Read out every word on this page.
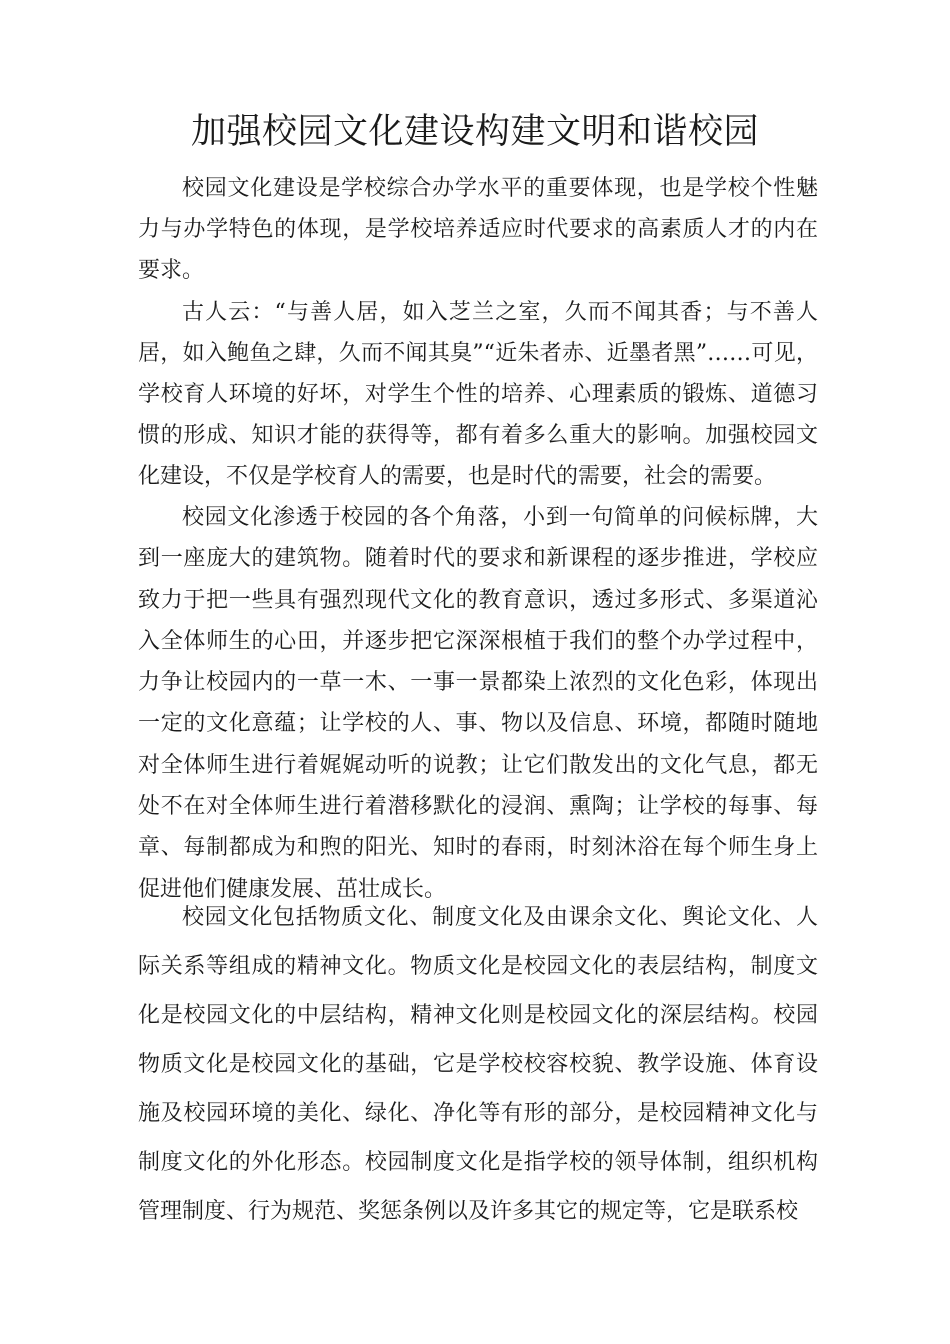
加强校园文化建设构建文明和谐校园

校园文化建设是学校综合办学水平的重要体现，也是学校个性魅力与办学特色的体现，是学校培养适应时代要求的高素质人才的内在要求。

古人云：“与善人居，如入芝兰之室，久而不闻其香；与不善人居，如入鲍鱼之肆，久而不闻其臭”“近朱者赤、近墨者黑”……可见，学校育人环境的好坏，对学生个性的培养、心理素质的锻炼、道德习惯的形成、知识才能的获得等，都有着多么重大的影响。加强校园文化建设，不仅是学校育人的需要，也是时代的需要，社会的需要。

校园文化渗透于校园的各个角落，小到一句简单的问候标牌，大到一座庞大的建筑物。随着时代的要求和新课程的逐步推进，学校应致力于把一些具有强烈现代文化的教育意识，透过多形式、多渠道沁入全体师生的心田，并逐步把它深深根植于我们的整个办学过程中，力争让校园内的一草一木、一事一景都染上浓烈的文化色彩，体现出一定的文化意蕴；让学校的人、事、物以及信息、环境，都随时随地对全体师生进行着娓娓动听的说教；让它们散发出的文化气息，都无处不在对全体师生进行着潜移默化的浸润、熏陶；让学校的每事、每章、每制都成为和煦的阳光、知时的春雨，时刻沐浴在每个师生身上促进他们健康发展、茁壮成长。

校园文化包括物质文化、制度文化及由课余文化、舆论文化、人际关系等组成的精神文化。物质文化是校园文化的表层结构，制度文化是校园文化的中层结构，精神文化则是校园文化的深层结构。校园物质文化是校园文化的基础，它是学校校容校貌、教学设施、体育设施及校园环境的美化、绿化、净化等有形的部分，是校园精神文化与制度文化的外化形态。校园制度文化是指学校的领导体制，组织机构管理制度、行为规范、奖惩条例以及许多其它的规定等，它是联系校
